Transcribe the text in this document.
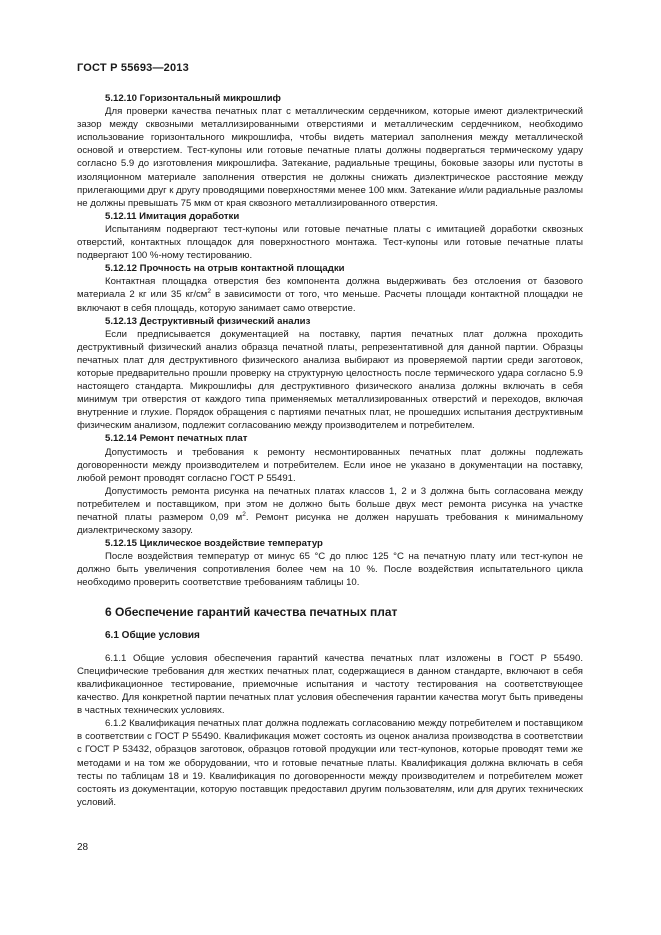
ГОСТ Р 55693—2013

5.12.10 Горизонтальный микрошлиф

Для проверки качества печатных плат с металлическим сердечником, которые имеют диэлектрический зазор между сквозными металлизированными отверстиями и металлическим сердечником, необходимо использование горизонтального микрошлифа, чтобы видеть материал заполнения между металлической основой и отверстием. Тест-купоны или готовые печатные платы должны подвергаться термическому удару согласно 5.9 до изготовления микрошлифа. Затекание, радиальные трещины, боковые зазоры или пустоты в изоляционном материале заполнения отверстия не должны снижать диэлектрическое расстояние между прилегающими друг к другу проводящими поверхностями менее 100 мкм. Затекание и/или радиальные разломы не должны превышать 75 мкм от края сквозного металлизированного отверстия.

5.12.11 Имитация доработки

Испытаниям подвергают тест-купоны или готовые печатные платы с имитацией доработки сквозных отверстий, контактных площадок для поверхностного монтажа. Тест-купоны или готовые печатные платы подвергают 100 %-ному тестированию.

5.12.12 Прочность на отрыв контактной площадки

Контактная площадка отверстия без компонента должна выдерживать без отслоения от базового материала 2 кг или 35 $кг/см^2$ в зависимости от того, что меньше. Расчеты площади контактной площадки не включают в себя площадь, которую занимает само отверстие.

5.12.13 Деструктивный физический анализ

Если предписывается документацией на поставку, партия печатных плат должна проходить деструктивный физический анализ образца печатной платы, репрезентативной для данной партии. Образцы печатных плат для деструктивного физического анализа выбирают из проверяемой партии среди заготовок, которые предварительно прошли проверку на структурную целостность после термического удара согласно 5.9 настоящего стандарта. Микрошлифы для деструктивного физического анализа должны включать в себя минимум три отверстия от каждого типа применяемых металлизированных отверстий и переходов, включая внутренние и глухие. Порядок обращения с партиями печатных плат, не прошедших испытания деструктивным физическим анализом, подлежит согласованию между производителем и потребителем.

5.12.14 Ремонт печатных плат

Допустимость и требования к ремонту несмонтированных печатных плат должны подлежать договоренности между производителем и потребителем. Если иное не указано в документации на поставку, любой ремонт проводят согласно ГОСТ Р 55491.

Допустимость ремонта рисунка на печатных платах классов 1, 2 и 3 должна быть согласована между потребителем и поставщиком, при этом не должно быть больше двух мест ремонта рисунка на участке печатной платы размером 0,09 $м^2$. Ремонт рисунка не должен нарушать требования к минимальному диэлектрическому зазору.

5.12.15 Циклическое воздействие температур

После воздействия температур от минус 65 °С до плюс 125 °С на печатную плату или тест-купон не должно быть увеличения сопротивления более чем на 10 %. После воздействия испытательного цикла необходимо проверить соответствие требованиям таблицы 10.

6 Обеспечение гарантий качества печатных плат

6.1 Общие условия

6.1.1 Общие условия обеспечения гарантий качества печатных плат изложены в ГОСТ Р 55490. Специфические требования для жестких печатных плат, содержащиеся в данном стандарте, включают в себя квалификационное тестирование, приемочные испытания и частоту тестирования на соответствующее качество. Для конкретной партии печатных плат условия обеспечения гарантии качества могут быть приведены в частных технических условиях.

6.1.2 Квалификация печатных плат должна подлежать согласованию между потребителем и поставщиком в соответствии с ГОСТ Р 55490. Квалификация может состоять из оценок анализа производства в соответствии с ГОСТ Р 53432, образцов заготовок, образцов готовой продукции или тест-купонов, которые проводят теми же методами и на том же оборудовании, что и готовые печатные платы. Квалификация должна включать в себя тесты по таблицам 18 и 19. Квалификация по договоренности между производителем и потребителем может состоять из документации, которую поставщик предоставил другим пользователям, или для других технических условий.

28
